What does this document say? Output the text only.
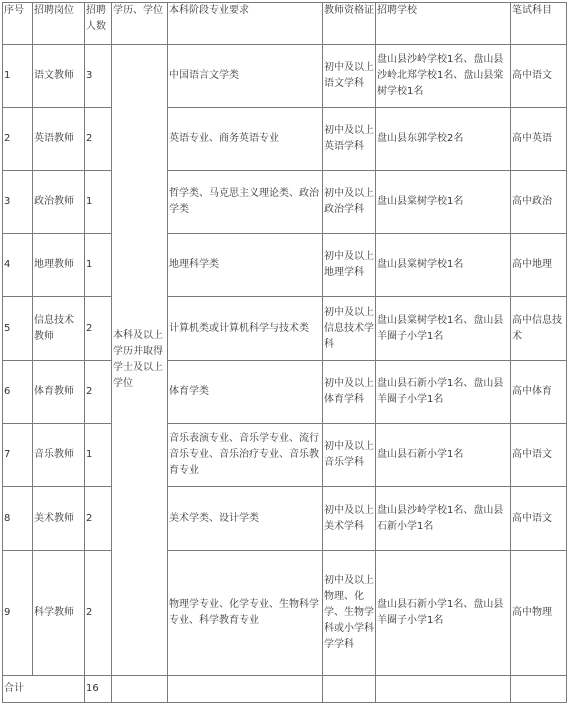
序号	招聘岗位	招聘人数	学历、学位	本科阶段专业要求	教师资格证	招聘学校	笔试科目
1	语文教师	3	本科及以上学历并取得学士及以上学位	中国语言文学类	初中及以上语文学科	盘山县沙岭学校1名、盘山县沙岭北郑学校1名、盘山县棠树学校1名	高中语文
2	英语教师	2		英语专业、商务英语专业	初中及以上英语学科	盘山县东郭学校2名	高中英语
3	政治教师	1		哲学类、马克思主义理论类、政治学类	初中及以上政治学科	盘山县棠树学校1名	高中政治
4	地理教师	1		地理科学类	初中及以上地理学科	盘山县棠树学校1名	高中地理
5	信息技术教师	2		计算机类或计算机科学与技术类	初中及以上信息技术学科	盘山县棠树学校1名、盘山县羊圈子小学1名	高中信息技术
6	体育教师	2		体育学类	初中及以上体育学科	盘山县石新小学1名、盘山县羊圈子小学1名	高中体育
7	音乐教师	1		音乐表演专业、音乐学专业、流行音乐专业、音乐治疗专业、音乐教育专业	初中及以上音乐学科	盘山县石新小学1名	高中语文
8	美术教师	2		美术学类、设计学类	初中及以上美术学科	盘山县沙岭学校1名、盘山县石新小学1名	高中语文
9	科学教师	2		物理学专业、化学专业、生物科学专业、科学教育专业	初中及以上物理、化学、生物学科或小学科学学科	盘山县石新小学1名、盘山县羊圈子小学1名	高中物理
合计		16					
